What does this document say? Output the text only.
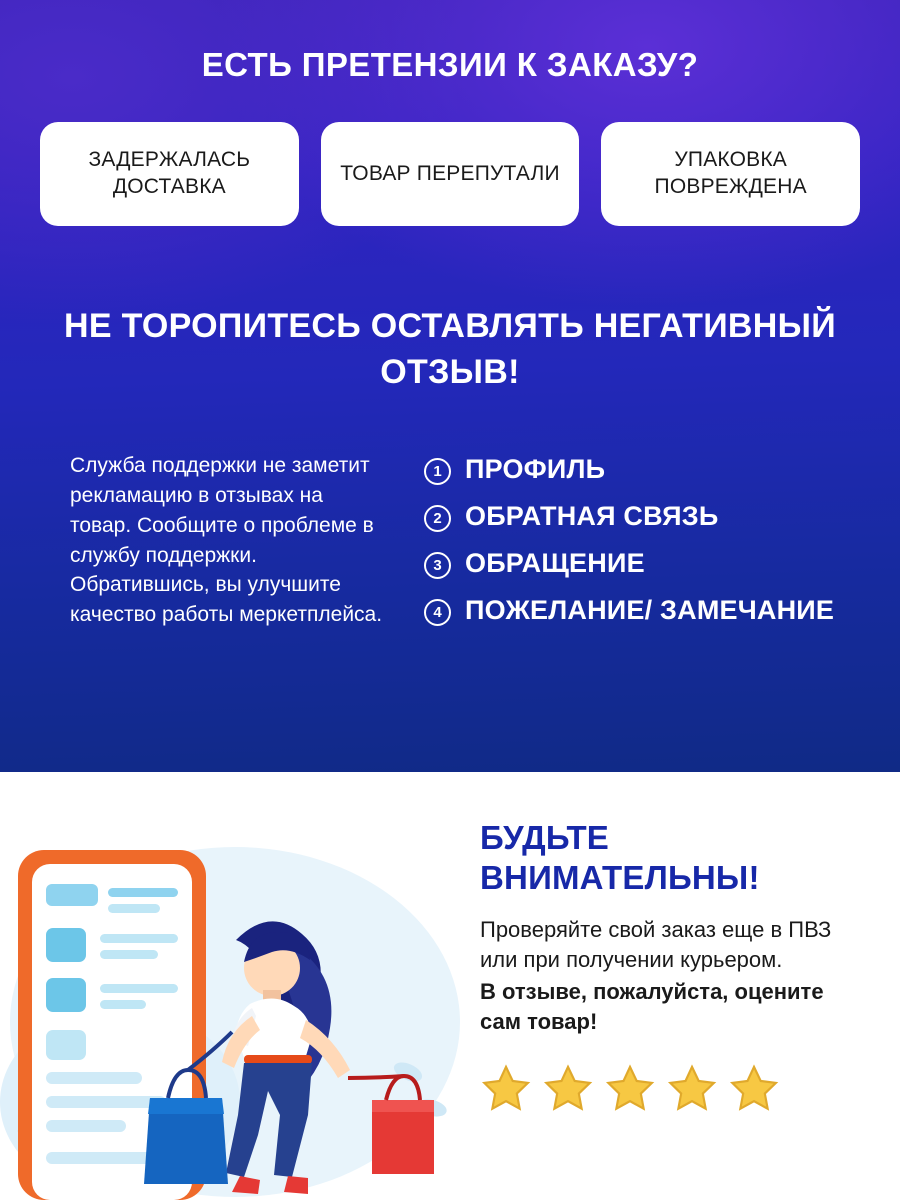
ЕСТЬ ПРЕТЕНЗИИ К ЗАКАЗУ?
ЗАДЕРЖАЛАСЬ ДОСТАВКА
ТОВАР ПЕРЕПУТАЛИ
УПАКОВКА ПОВРЕЖДЕНА
НЕ ТОРОПИТЕСЬ ОСТАВЛЯТЬ НЕГАТИВНЫЙ ОТЗЫВ!

Служба поддержки не заметит рекламацию в отзывах на товар. Сообщите о проблеме в службу поддержки. Обратившись, вы улучшите качество работы меркетплейса.

1 ПРОФИЛЬ
2 ОБРАТНАЯ СВЯЗЬ
3 ОБРАЩЕНИЕ
4 ПОЖЕЛАНИЕ/ ЗАМЕЧАНИЕ
БУДЬТЕ ВНИМАТЕЛЬНЫ!

Проверяйте свой заказ еще в ПВЗ или при получении курьером.
В отзыве, пожалуйста, оцените сам товар!
